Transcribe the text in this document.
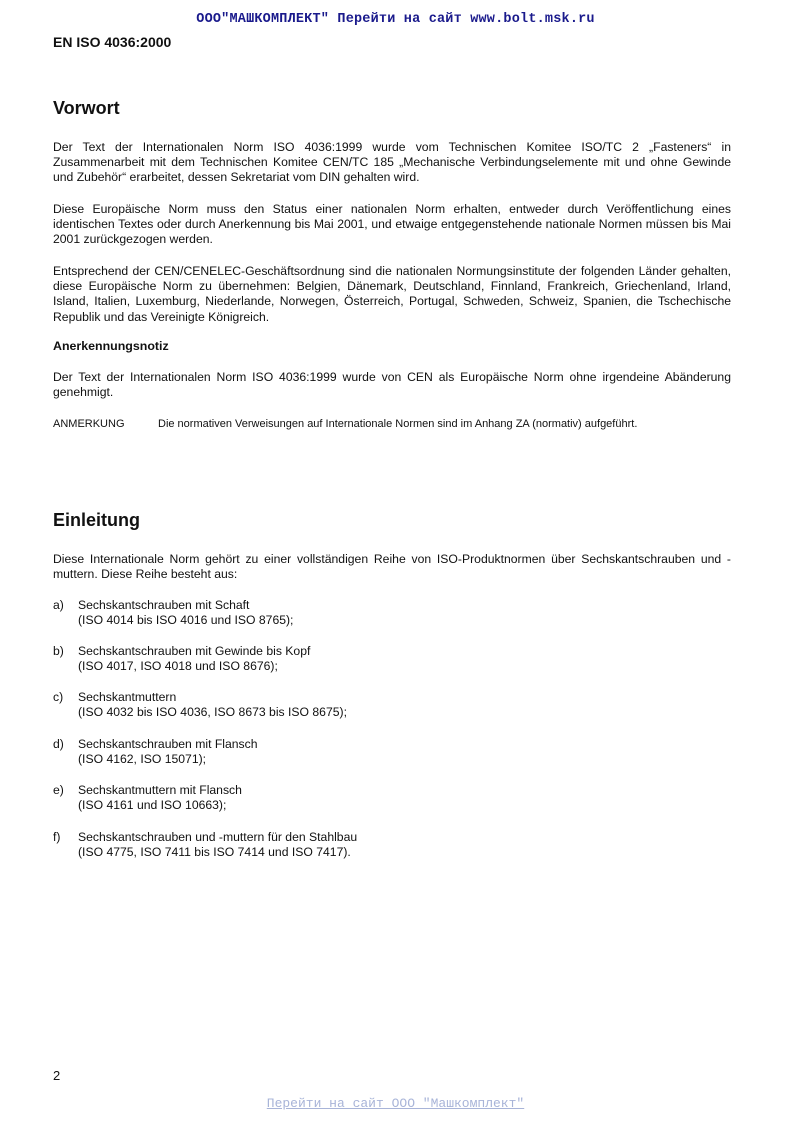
ООО"МАШКОМПЛЕКТ" Перейти на сайт www.bolt.msk.ru
EN ISO 4036:2000
Vorwort

Der Text der Internationalen Norm ISO 4036:1999 wurde vom Technischen Komitee ISO/TC 2 „Fasteners“ in Zusammenarbeit mit dem Technischen Komitee CEN/TC 185 „Mechanische Verbindungselemente mit und ohne Gewinde und Zubehör“ erarbeitet, dessen Sekretariat vom DIN gehalten wird.

Diese Europäische Norm muss den Status einer nationalen Norm erhalten, entweder durch Veröffentlichung eines identischen Textes oder durch Anerkennung bis Mai 2001, und etwaige entgegenstehende nationale Normen müssen bis Mai 2001 zurückgezogen werden.

Entsprechend der CEN/CENELEC-Geschäftsordnung sind die nationalen Normungsinstitute der folgenden Länder gehalten, diese Europäische Norm zu übernehmen: Belgien, Dänemark, Deutschland, Finnland, Frankreich, Griechenland, Irland, Island, Italien, Luxemburg, Niederlande, Norwegen, Österreich, Portugal, Schweden, Schweiz, Spanien, die Tschechische Republik und das Vereinigte Königreich.

Anerkennungsnotiz

Der Text der Internationalen Norm ISO 4036:1999 wurde von CEN als Europäische Norm ohne irgendeine Abänderung genehmigt.

ANMERKUNG	Die normativen Verweisungen auf Internationale Normen sind im Anhang ZA (normativ) aufgeführt.
Einleitung

Diese Internationale Norm gehört zu einer vollständigen Reihe von ISO-Produktnormen über Sechskantschrauben und -muttern. Diese Reihe besteht aus:

a) Sechskantschrauben mit Schaft
(ISO 4014 bis ISO 4016 und ISO 8765);
b) Sechskantschrauben mit Gewinde bis Kopf
(ISO 4017, ISO 4018 und ISO 8676);
c) Sechskantmuttern
(ISO 4032 bis ISO 4036, ISO 8673 bis ISO 8675);
d) Sechskantschrauben mit Flansch
(ISO 4162, ISO 15071);
e) Sechskantmuttern mit Flansch
(ISO 4161 und ISO 10663);
f) Sechskantschrauben und -muttern für den Stahlbau
(ISO 4775, ISO 7411 bis ISO 7414 und ISO 7417).
2
Перейти на сайт ООО "Машкомплект"
